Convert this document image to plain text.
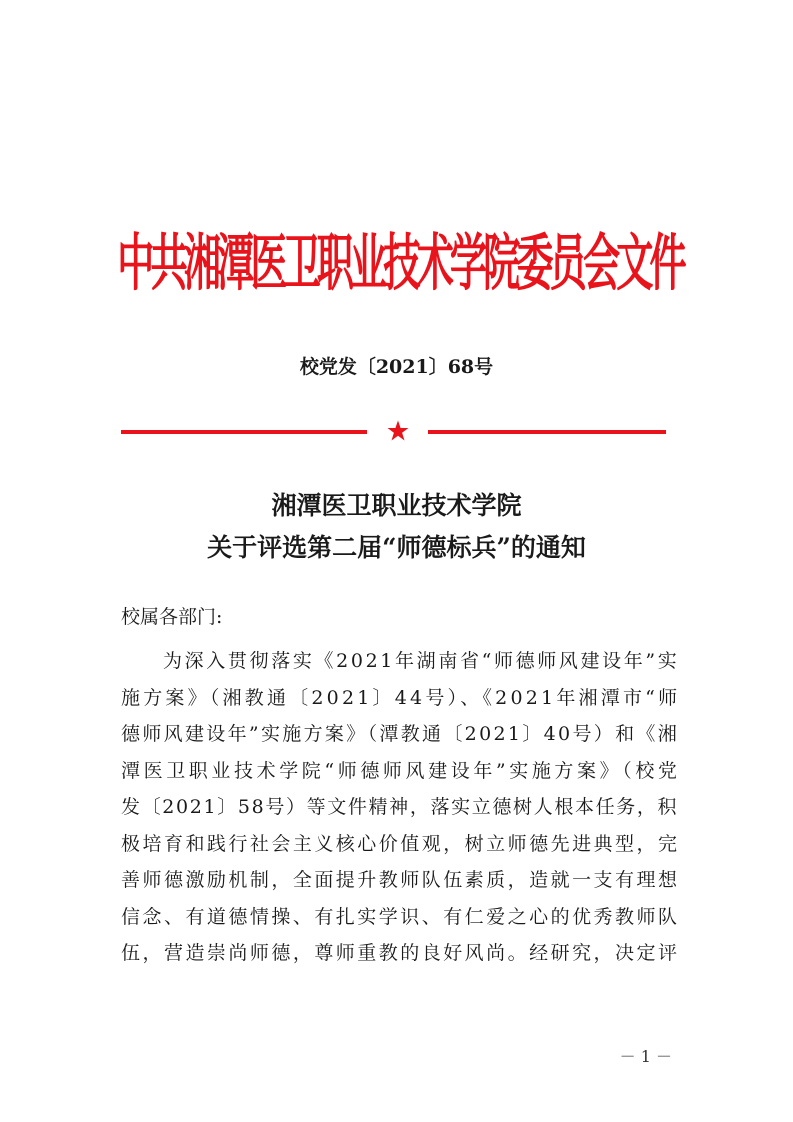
中共湘潭医卫职业技术学院委员会文件
校党发〔2021〕68号
湘潭医卫职业技术学院
关于评选第二届“师德标兵”的通知
校属各部门:
为深入贯彻落实《2021年湖南省“师德师风建设年”实
施方案》（湘教通〔2021〕44号）、《2021年湘潭市“师
德师风建设年”实施方案》（潭教通〔2021〕40号）和《湘
潭医卫职业技术学院“师德师风建设年”实施方案》（校党
发〔2021〕58号）等文件精神，落实立德树人根本任务，积
极培育和践行社会主义核心价值观，树立师德先进典型，完
善师德激励机制，全面提升教师队伍素质，造就一支有理想
信念、有道德情操、有扎实学识、有仁爱之心的优秀教师队
伍，营造崇尚师德，尊师重教的良好风尚。经研究，决定评
－ 1 －
